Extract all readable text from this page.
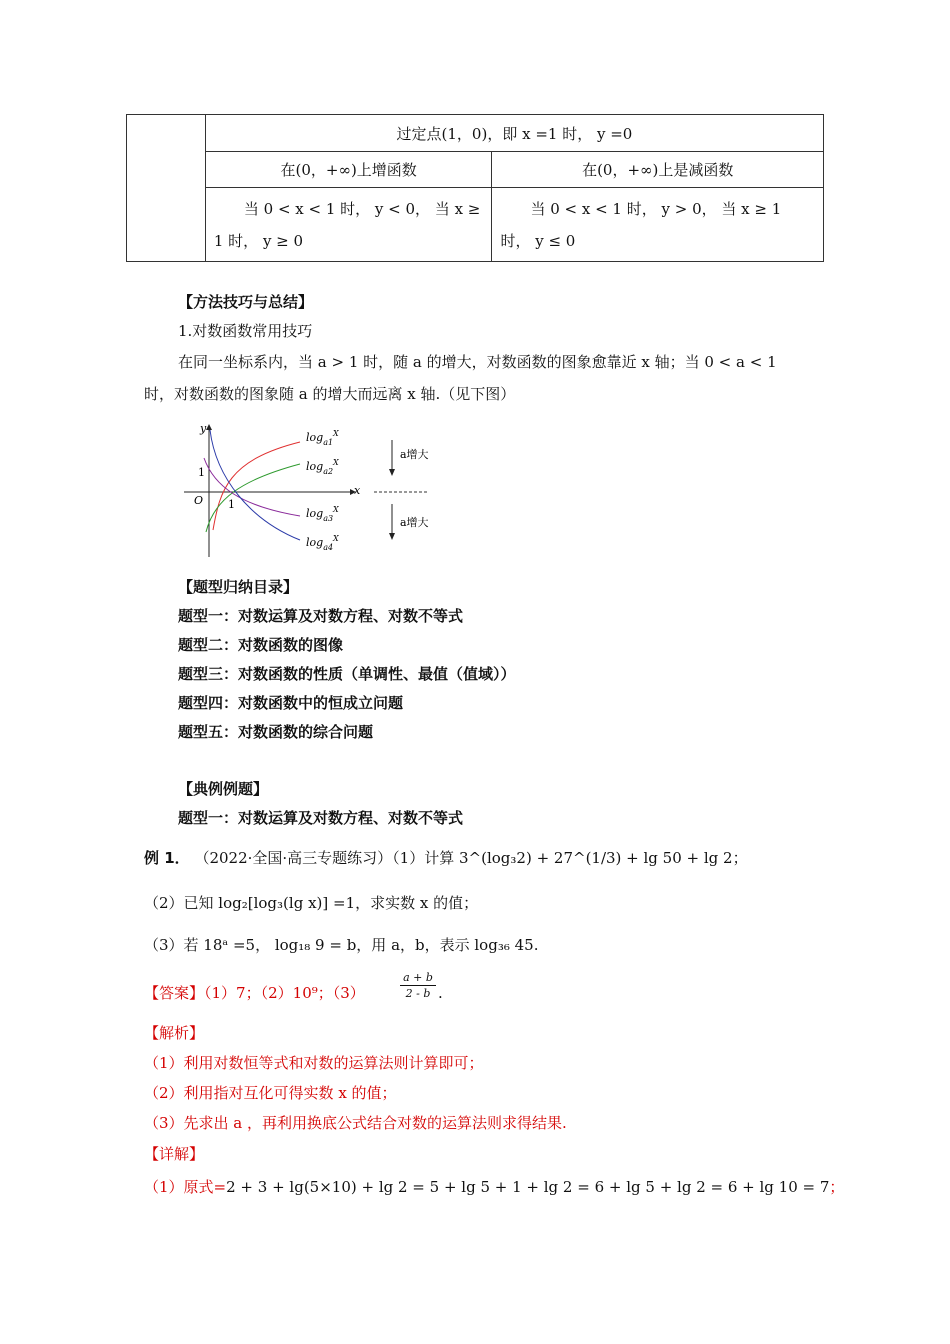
	过定点(1，0)，即 x =1 时， y =0	
	在(0，+∞)上增函数	在(0，+∞)上是减函数
	当 0 < x < 1 时， y < 0， 当 x ≥ 1 时， y ≥ 0	当 0 < x < 1 时， y > 0， 当 x ≥ 1 时， y ≤ 0
【方法技巧与总结】
1.对数函数常用技巧
在同一坐标系内，当 a > 1 时，随 a 的增大，对数函数的图象愈靠近 x 轴；当 0 < a < 1
时，对数函数的图象随 a 的增大而远离 x 轴.（见下图）
y
x
O
1
1
$\log_{a1}^X$
$\log_{a2}^X$
$\log_{a3}^X$
$\log_{a4}^X$
a增大
a增大
【题型归纳目录】
题型一：对数运算及对数方程、对数不等式
题型二：对数函数的图像
题型三：对数函数的性质（单调性、最值（值域））
题型四：对数函数中的恒成立问题
题型五：对数函数的综合问题
【典例例题】
题型一：对数运算及对数方程、对数不等式
例 1． （2022·全国·高三专题练习）（1）计算 3^(log₃2) + 27^(1/3) + lg 50 + lg 2；
（2）已知 log₂[log₃(lg x)] =1，求实数 x 的值；
（3）若 18ᵃ =5， log₁₈ 9 = b，用 a，b，表示 log₃₆ 45.
【答案】（1）7；（2）10⁹；（3）	$\frac{a + b}{2 - b}$ .
【解析】
（1）利用对数恒等式和对数的运算法则计算即可；
（2）利用指对互化可得实数 x 的值；
（3）先求出 a ，再利用换底公式结合对数的运算法则求得结果.
【详解】
（1）原式=2 + 3 + lg(5×10) + lg 2 = 5 + lg 5 + 1 + lg 2 = 6 + lg 5 + lg 2 = 6 + lg 10 = 7；
